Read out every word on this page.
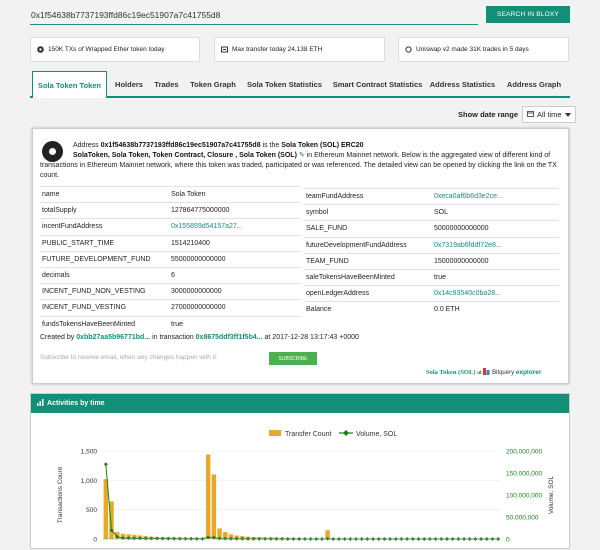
0x1f54638b7737193ffd86c19ec51907a7c41755d8
SEARCH IN BLOXY
150K TXs of Wrapped Ether token today	Max transfer today 24,138 ETH	Uniswap v2 made 31K trades in 5 days
Sola Token Token	Holders	Trades	Token Graph	Sola Token Statistics	Smart Contract Statistics Address Statistics	Address Graph
Show date range	All time
Address 0x1f54638b7737193ffd86c19ec51907a7c41755d8 is the Sola Token (SOL) ERC20
SolaToken, Sola Token, Token Contract, Closure , Sola Token (SOL) ✎ in Ethereum Mainnet network. Below is the aggregated view of different kind of transactions in Ethereum Mainnet network, where this token was traded, participated or was referenced. The detailed view can be opened by clicking the link on the TX count.
name	Sola Token
totalSupply	127864775000000
incentFundAddress	0x155859d54157a27...
PUBLIC_START_TIME	1514210400
FUTURE_DEVELOPMENT_FUND	55000000000000
decimals	6
INCENT_FUND_NON_VESTING	3000000000000
INCENT_FUND_VESTING	27000000000000
fundsTokensHaveBeenMinted	true
teamFundAddress	0xeca0af6b6d3e2ce...
symbol	SOL
SALE_FUND	50000000000000
futureDevelopmentFundAddress	0x7319ab6fddf72e8...
TEAM_FUND	15000000000000
saleTokensHaveBeenMinted	true
openLedgerAddress	0x14c93540c0ba28...
Balance	0.0 ETH
Created by 0xbb27aa5b96771bd... in transaction 0x8675ddf3ff1f5b4... at 2017-12-28 13:17:43 +0000
Subscribe to receive email, when any changes happen with it:	SUBSCRIBE
Sola Token (SOL) at Bitquery explorer
Activities by time
Transfer Count	Volume, SOL
0
500
1,000
1,500
0
50,000,000
100,000,000
150,000,000
200,000,000
Transactions Count	Volume, SOL
